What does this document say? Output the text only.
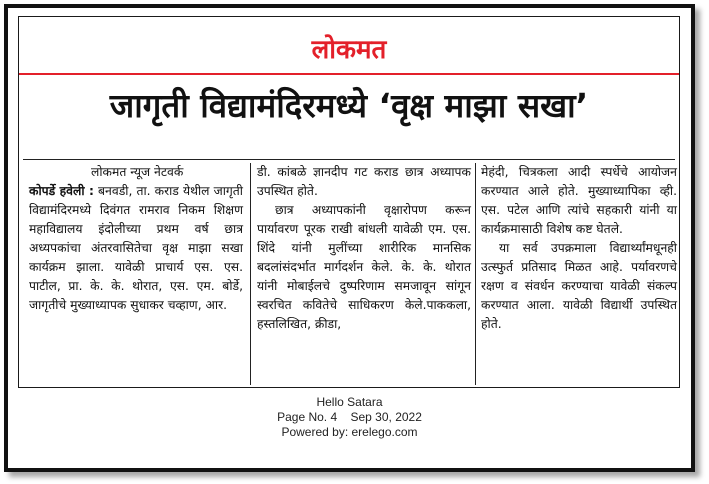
लोकमत
जागृती विद्यामंदिरमध्ये ‘वृक्ष माझा सखा’

लोकमत न्यूज नेटवर्क

कोपर्डे हवेली : बनवडी, ता. कराड येथील जागृती विद्यामंदिरमध्ये दिवंगत रामराव निकम शिक्षण महाविद्यालय इंदोलीच्या प्रथम वर्ष छात्र अध्यपकांचा अंतरवासितेचा वृक्ष माझा सखा कार्यक्रम झाला. यावेळी प्राचार्य एस. एस. पाटील, प्रा. के. के. थोरात, एस. एम. बोर्डे, जागृतीचे मुख्याध्यापक सुधाकर चव्हाण, आर.

डी. कांबळे ज्ञानदीप गट कराड छात्र अध्यापक उपस्थित होते.

छात्र अध्यापकांनी वृक्षारोपण करून पार्यावरण पूरक राखी बांधली यावेळी एम. एस. शिंदे यांनी मुलींच्या शारीरिक मानसिक बदलांसंदर्भात मार्गदर्शन केले. के. के. थोरात यांनी मोबाईलचे दुष्परिणाम समजावून सांगून स्वरचित कवितेचे साधिकरण केले.पाककला, हस्तलिखित, क्रीडा,

मेहंदी, चित्रकला आदी स्पर्धेचे आयोजन करण्यात आले होते. मुख्याध्यापिका व्ही. एस. पटेल आणि त्यांचे सहकारी यांनी या कार्यक्रमासाठी विशेष कष्ट घेतले.

या सर्व उपक्रमाला विद्यार्थ्यांमधूनही उत्स्फुर्त प्रतिसाद मिळत आहे. पर्यावरणचे रक्षण व संवर्धन करण्याचा यावेळी संकल्प करण्यात आला. यावेळी विद्यार्थी उपस्थित होते.

Hello Satara
Page No. 4    Sep 30, 2022
Powered by: erelego.com
